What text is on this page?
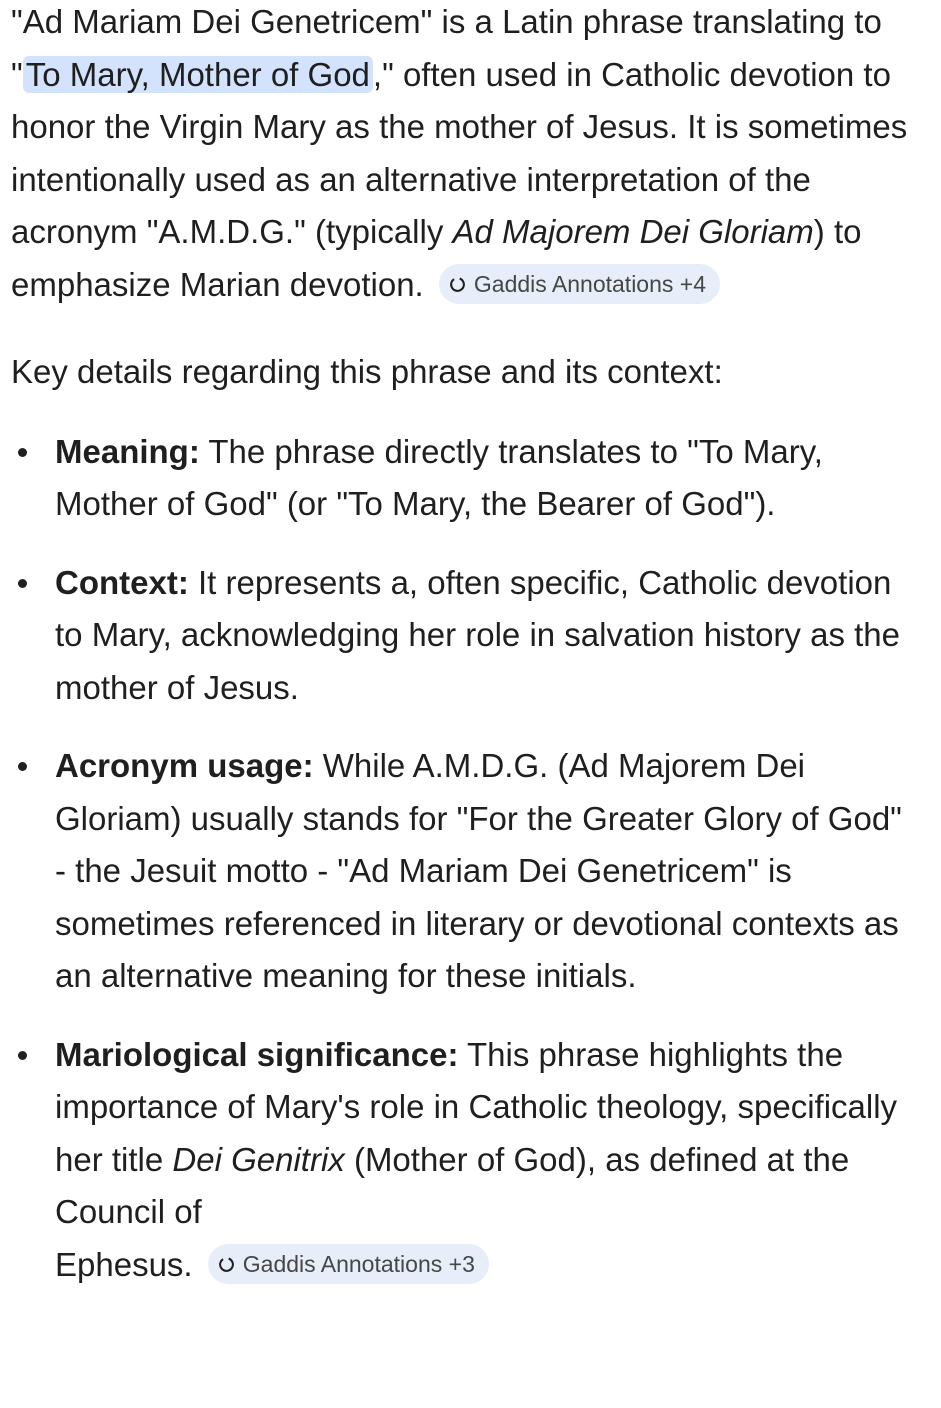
"Ad Mariam Dei Genetricem" is a Latin phrase translating to "To Mary, Mother of God," often used in Catholic devotion to honor the Virgin Mary as the mother of Jesus. It is sometimes intentionally used as an alternative interpretation of the acronym "A.M.D.G." (typically Ad Majorem Dei Gloriam) to emphasize Marian devotion. Gaddis Annotations +4

Key details regarding this phrase and its context:

Meaning: The phrase directly translates to "To Mary, Mother of God" (or "To Mary, the Bearer of God").
Context: It represents a, often specific, Catholic devotion to Mary, acknowledging her role in salvation history as the mother of Jesus.
Acronym usage: While A.M.D.G. (Ad Majorem Dei Gloriam) usually stands for "For the Greater Glory of God" - the Jesuit motto - "Ad Mariam Dei Genetricem" is sometimes referenced in literary or devotional contexts as an alternative meaning for these initials.
Mariological significance: This phrase highlights the importance of Mary's role in Catholic theology, specifically her title Dei Genitrix (Mother of God), as defined at the Council of
Ephesus. Gaddis Annotations +3
